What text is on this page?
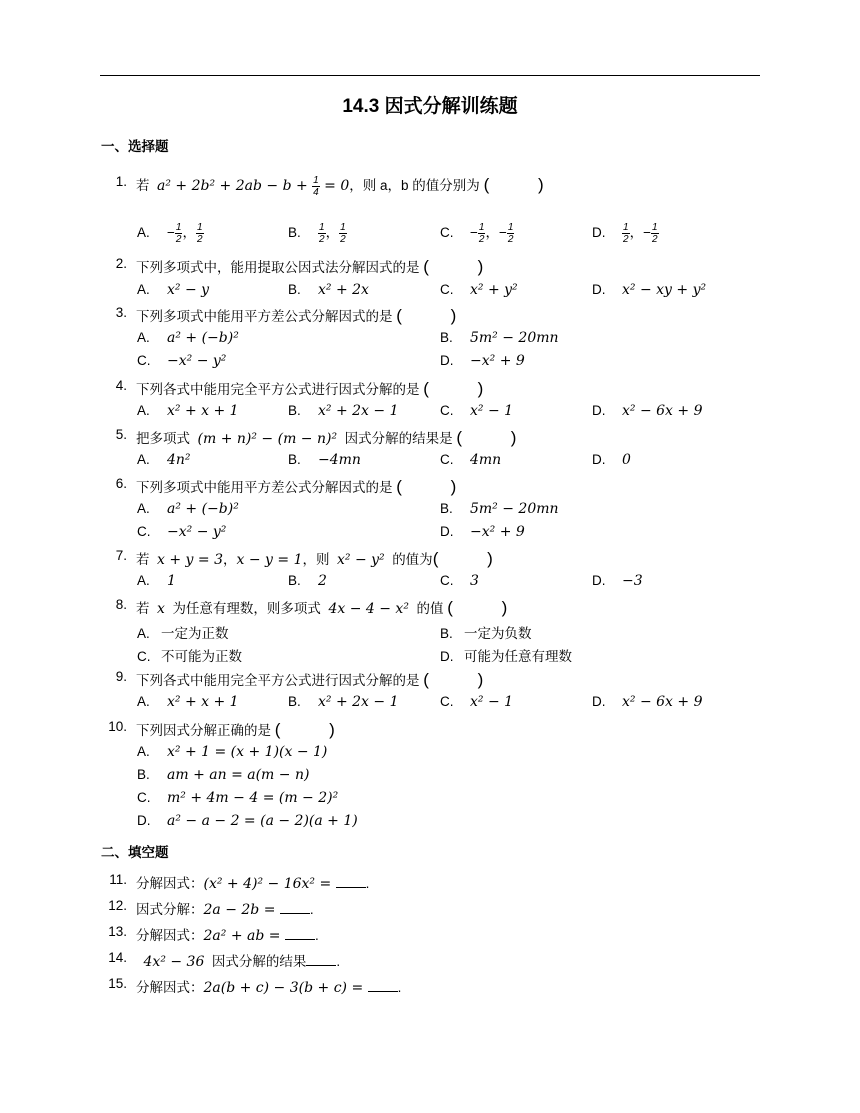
14.3 因式分解训练题
一、选择题
1. 若 $a^2 + 2b^2 + 2ab - b + \frac{1}{4} = 0$，则 a，b 的值分别为 ( )
A. − $\frac{1}{2}$ ， $\frac{1}{2}$	B. $\frac{1}{2}$ ， $\frac{1}{2}$	C. − $\frac{1}{2}$ ，− $\frac{1}{2}$	D. $\frac{1}{2}$ ，− $\frac{1}{2}$
2. 下列多项式中，能用提取公因式法分解因式的是 ( )
A. x² − y	B. x² + 2x	C. x² + y²	D. x² − xy + y²
3. 下列多项式中能用平方差公式分解因式的是 ( )
A. a² + (−b)²	B. 5m² − 20mn
C. −x² − y²	D. −x² + 9
4. 下列各式中能用完全平方公式进行因式分解的是 ( )
A. x² + x + 1	B. x² + 2x − 1	C. x² − 1	D. x² − 6x + 9
5. 把多项式 (m + n)² − (m − n)² 因式分解的结果是 ( )
A. 4n²	B. −4mn	C. 4mn	D. 0
6. 下列多项式中能用平方差公式分解因式的是 ( )
A. a² + (−b)²	B. 5m² − 20mn
C. −x² − y²	D. −x² + 9
7. 若 x + y = 3，x − y = 1，则 x² − y² 的值为( )
A. 1	B. 2	C. 3	D. −3
8. 若 x 为任意有理数，则多项式 4x − 4 − x² 的值 ( )
A. 一定为正数	B. 一定为负数
C. 不可能为正数	D. 可能为任意有理数
9. 下列各式中能用完全平方公式进行因式分解的是 ( )
A. x² + x + 1	B. x² + 2x − 1	C. x² − 1	D. x² − 6x + 9
10. 下列因式分解正确的是 ( )
A. x² + 1 = (x + 1)(x − 1)
B. am + an = a(m − n)
C. m² + 4m − 4 = (m − 2)²
D. a² − a − 2 = (a − 2)(a + 1)
二、填空题
11. 分解因式：(x² + 4)² − 16x² = .
12. 因式分解：2a − 2b = .
13. 分解因式：2a² + ab = .
14.	4x² − 36 因式分解的结果 .
15. 分解因式：2a(b + c) − 3(b + c) = .
